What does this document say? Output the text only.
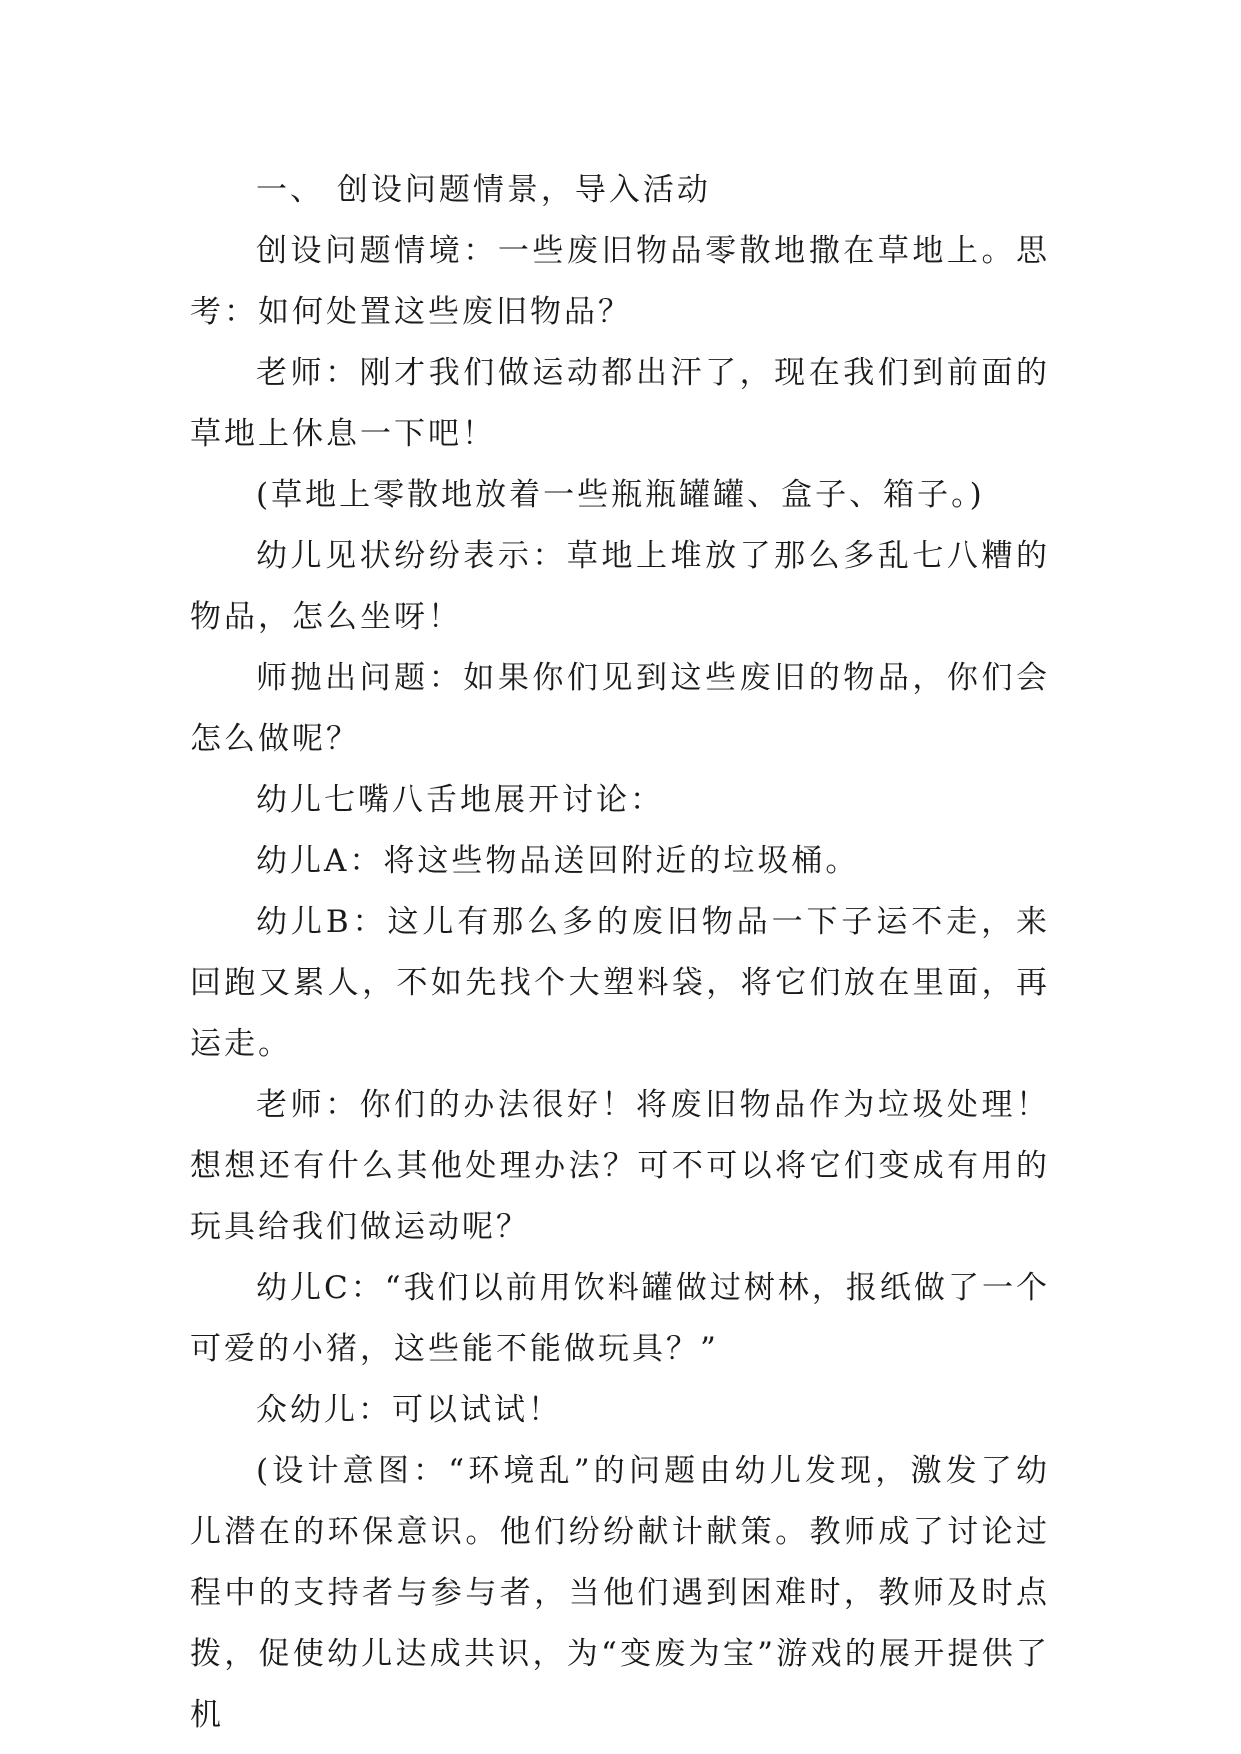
一、 创设问题情景，导入活动

创设问题情境：一些废旧物品零散地撒在草地上。思考：如何处置这些废旧物品？

老师：刚才我们做运动都出汗了，现在我们到前面的草地上休息一下吧！

(草地上零散地放着一些瓶瓶罐罐、盒子、箱子。)

幼儿见状纷纷表示：草地上堆放了那么多乱七八糟的物品，怎么坐呀！

师抛出问题：如果你们见到这些废旧的物品，你们会怎么做呢？

幼儿七嘴八舌地展开讨论：

幼儿A：将这些物品送回附近的垃圾桶。

幼儿B：这儿有那么多的废旧物品一下子运不走，来回跑又累人，不如先找个大塑料袋，将它们放在里面，再运走。

老师：你们的办法很好！将废旧物品作为垃圾处理！想想还有什么其他处理办法？可不可以将它们变成有用的玩具给我们做运动呢？

幼儿C：“我们以前用饮料罐做过树林，报纸做了一个可爱的小猪，这些能不能做玩具？”

众幼儿：可以试试！

(设计意图：“环境乱”的问题由幼儿发现，激发了幼儿潜在的环保意识。他们纷纷献计献策。教师成了讨论过程中的支持者与参与者，当他们遇到困难时，教师及时点拨，促使幼儿达成共识，为“变废为宝”游戏的展开提供了机
